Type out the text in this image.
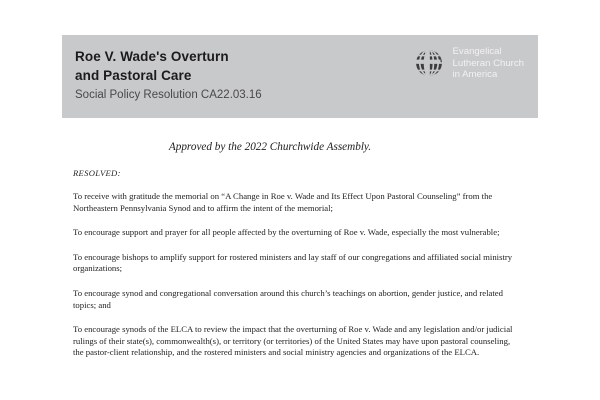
Roe V. Wade's Overturn
and Pastoral Care
Social Policy Resolution CA22.03.16
Evangelical
Lutheran Church
in America
Approved by the 2022 Churchwide Assembly.
RESOLVED:
To receive with gratitude the memorial on “A Change in Roe v. Wade and Its Effect Upon Pastoral Counseling” from the Northeastern Pennsylvania Synod and to affirm the intent of the memorial;
To encourage support and prayer for all people affected by the overturning of Roe v. Wade, especially the most vulnerable;
To encourage bishops to amplify support for rostered ministers and lay staff of our congregations and affiliated social ministry organizations;
To encourage synod and congregational conversation around this church’s teachings on abortion, gender justice, and related topics; and
To encourage synods of the ELCA to review the impact that the overturning of Roe v. Wade and any legislation and/or judicial rulings of their state(s), commonwealth(s), or territory (or territories) of the United States may have upon pastoral counseling, the pastor-client relationship, and the rostered ministers and social ministry agencies and organizations of the ELCA.
